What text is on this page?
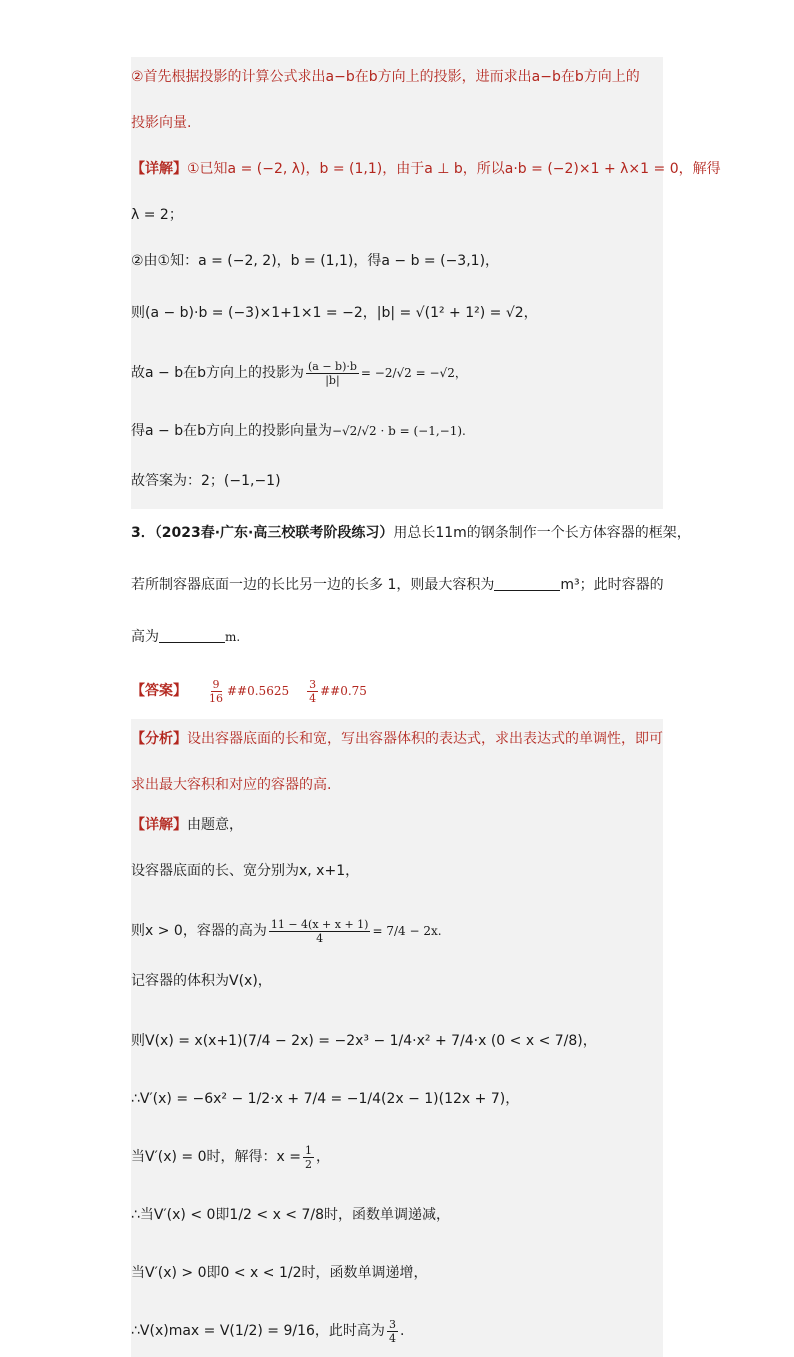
②首先根据投影的计算公式求出a−b在b方向上的投影，进而求出a−b在b方向上的
投影向量.
【详解】①已知a = (−2, λ)，b = (1,1)，由于a ⊥ b，所以a·b = (−2)×1 + λ×1 = 0，解得
λ = 2；
②由①知：a = (−2, 2)，b = (1,1)，得a − b = (−3,1)，
则(a − b)·b = (−3)×1+1×1 = −2，|b| = √(1² + 1²) = √2，
故a − b在b方向上的投影为 $\frac{(a - b)\cdot b}{|b|} = -2/√2 = -√2$，
得a − b在b方向上的投影向量为 −√2/√2 · b = (−1,−1).
故答案为：2；(−1,−1)
3．（2023春·广东·高三校联考阶段练习）用总长11m的钢条制作一个长方体容器的框架，
若所制容器底面一边的长比另一边的长多 1，则最大容积为	m³；此时容器的
高为	m.
【答案】 $\frac{9}{16}$ ##0.5625 $\frac{3}{4}$ ##0.75
【分析】设出容器底面的长和宽，写出容器体积的表达式，求出表达式的单调性，即可
求出最大容积和对应的容器的高.
【详解】由题意，
设容器底面的长、宽分别为x, x+1，
则x > 0，容器的高为 $\frac{11 - 4(x + x + 1)}{4} = 7/4 - 2x$.
记容器的体积为V(x)，
则V(x) = x(x+1)(7/4 − 2x) = −2x³ − 1/4·x² + 7/4·x (0 < x < 7/8)，
∴V′(x) = −6x² − 1/2·x + 7/4 = −1/4(2x − 1)(12x + 7)，
当V′(x) = 0时，解得：$x = \frac{1}{2}$ ，
∴当V′(x) < 0即1/2 < x < 7/8时，函数单调递减，
当V′(x) > 0即0 < x < 1/2时，函数单调递增，
∴V(x)max = V(1/2) = 9/16，此时高为 $\frac{3}{4}$ .
